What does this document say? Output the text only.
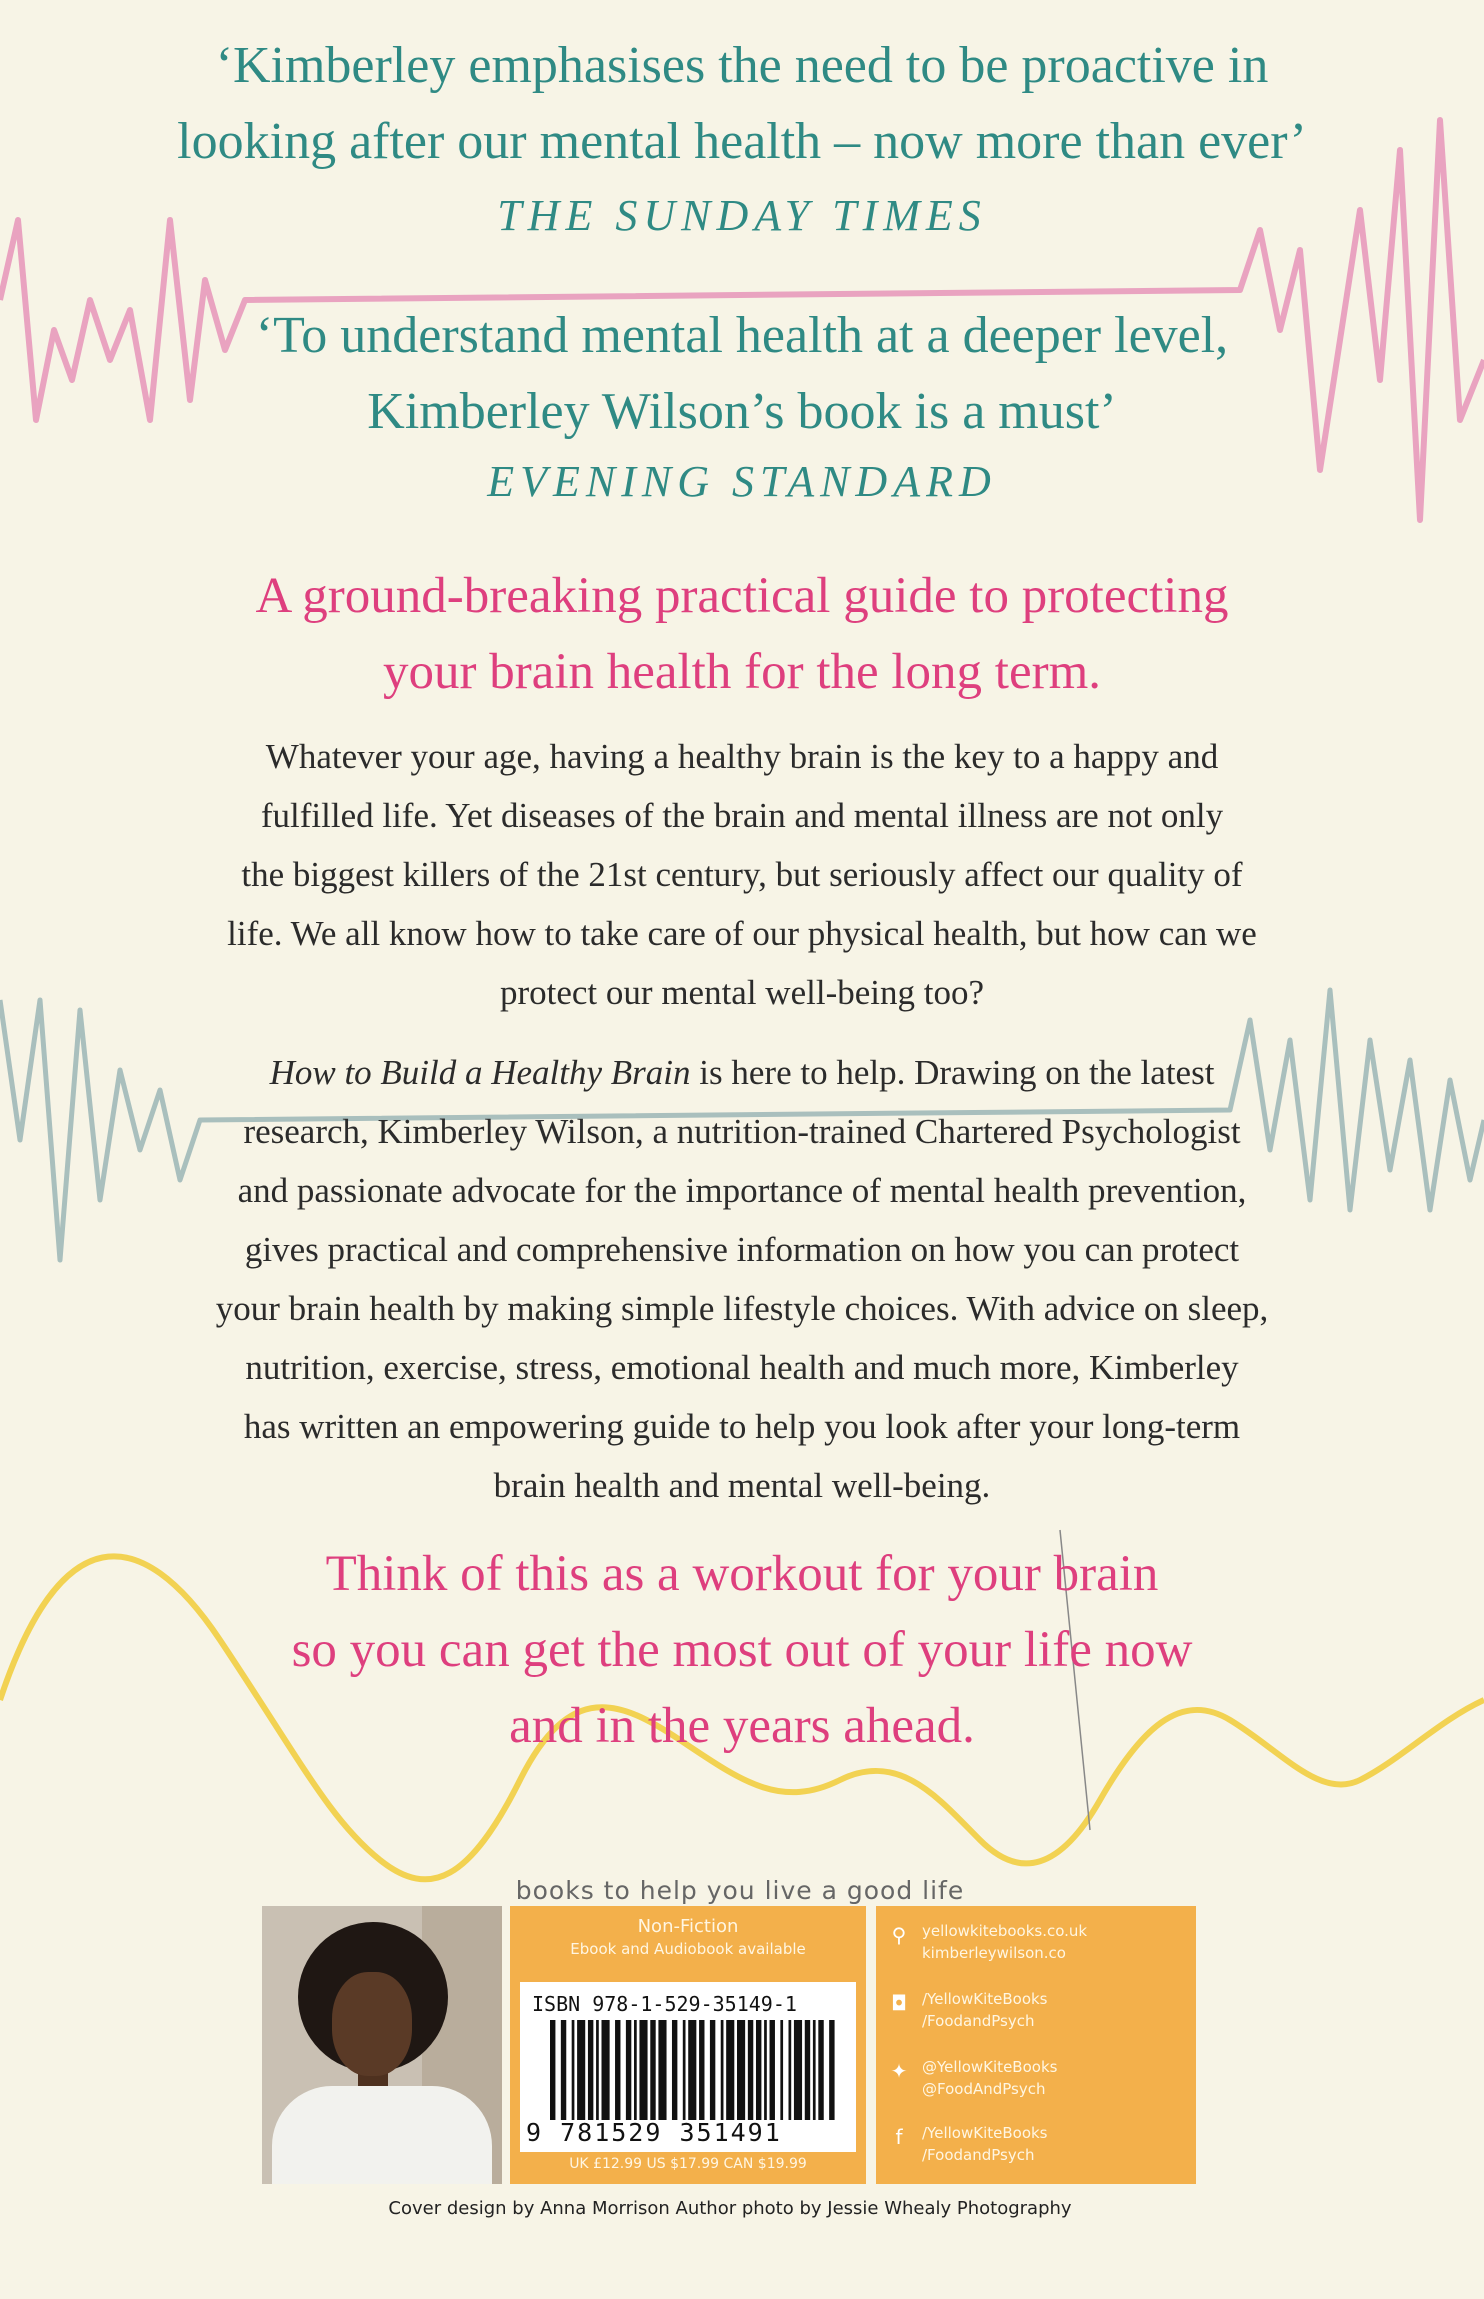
‘Kimberley emphasises the need to be proactive in

looking after our mental health – now more than ever’

THE SUNDAY TIMES

‘To understand mental health at a deeper level,

Kimberley Wilson’s book is a must’

EVENING STANDARD

A ground-breaking practical guide to protecting

your brain health for the long term.

Whatever your age, having a healthy brain is the key to a happy and

fulfilled life. Yet diseases of the brain and mental illness are not only

the biggest killers of the 21st century, but seriously affect our quality of

life. We all know how to take care of our physical health, but how can we

protect our mental well-being too?

How to Build a Healthy Brain is here to help. Drawing on the latest

research, Kimberley Wilson, a nutrition-trained Chartered Psychologist

and passionate advocate for the importance of mental health prevention,

gives practical and comprehensive information on how you can protect

your brain health by making simple lifestyle choices. With advice on sleep,

nutrition, exercise, stress, emotional health and much more, Kimberley

has written an empowering guide to help you look after your long-term

brain health and mental well-being.

Think of this as a workout for your brain

so you can get the most out of your life now

and in the years ahead.

books to help you live a good life

Non-Fiction

Ebook and Audiobook available

ISBN 978-1-529-35149-1
9 781529 351491
UK £12.99 US $17.99 CAN $19.99
⚲ yellowkitebooks.co.uk
kimberleywilson.co
◘ /YellowKiteBooks
/FoodandPsych
✦ @YellowKiteBooks
@FoodAndPsych
f	/YellowKiteBooks
/FoodandPsych
Cover design by Anna Morrison Author photo by Jessie Whealy Photography
